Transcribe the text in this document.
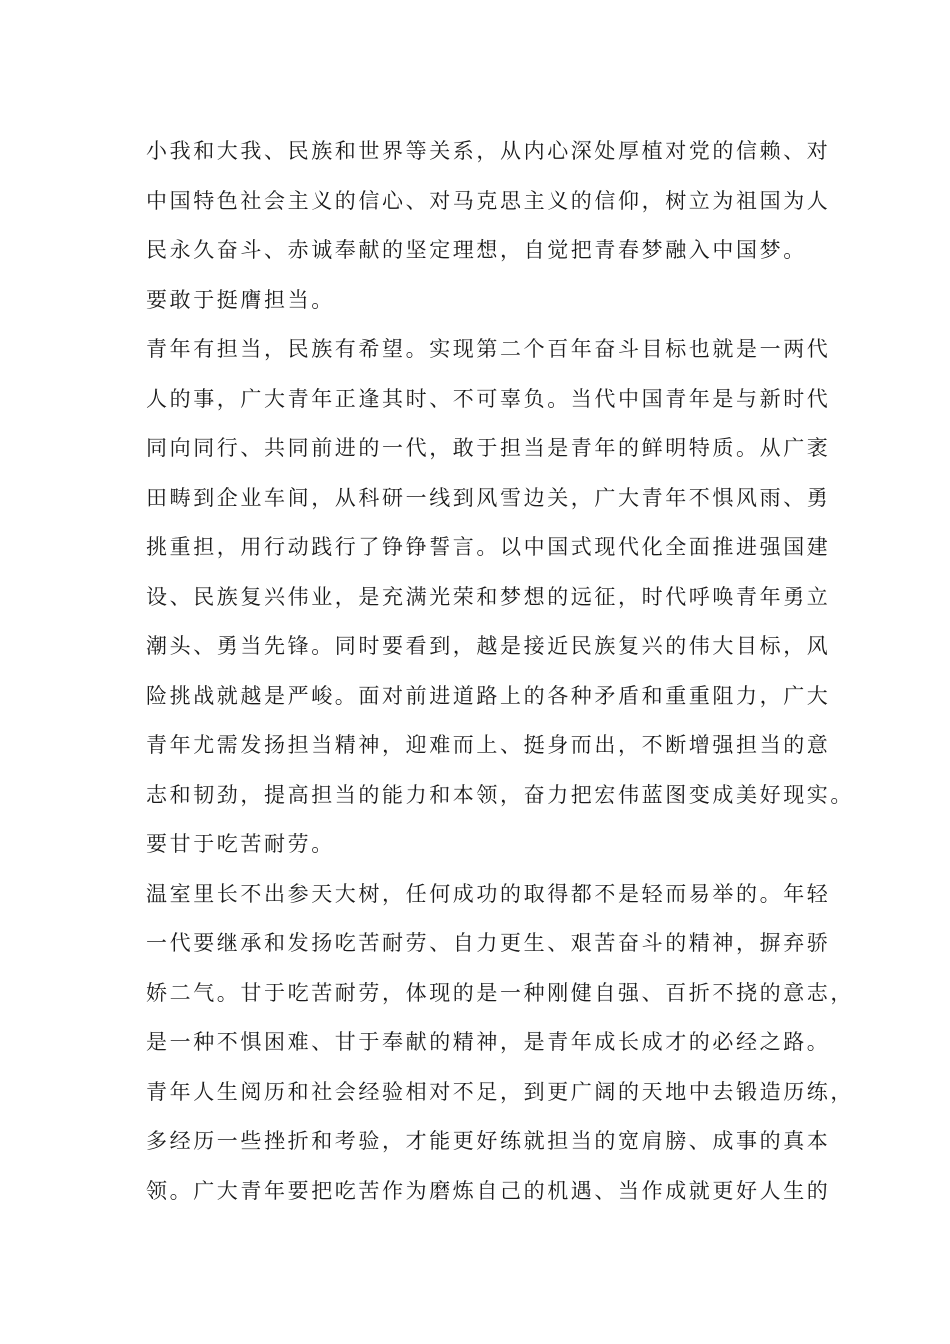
小我和大我、民族和世界等关系，从内心深处厚植对党的信赖、对
中国特色社会主义的信心、对马克思主义的信仰，树立为祖国为人
民永久奋斗、赤诚奉献的坚定理想，自觉把青春梦融入中国梦。
要敢于挺膺担当。
青年有担当，民族有希望。实现第二个百年奋斗目标也就是一两代
人的事，广大青年正逢其时、不可辜负。当代中国青年是与新时代
同向同行、共同前进的一代，敢于担当是青年的鲜明特质。从广袤
田畴到企业车间，从科研一线到风雪边关，广大青年不惧风雨、勇
挑重担，用行动践行了铮铮誓言。以中国式现代化全面推进强国建
设、民族复兴伟业，是充满光荣和梦想的远征，时代呼唤青年勇立
潮头、勇当先锋。同时要看到，越是接近民族复兴的伟大目标，风
险挑战就越是严峻。面对前进道路上的各种矛盾和重重阻力，广大
青年尤需发扬担当精神，迎难而上、挺身而出，不断增强担当的意
志和韧劲，提高担当的能力和本领，奋力把宏伟蓝图变成美好现实。
要甘于吃苦耐劳。
温室里长不出参天大树，任何成功的取得都不是轻而易举的。年轻
一代要继承和发扬吃苦耐劳、自力更生、艰苦奋斗的精神，摒弃骄
娇二气。甘于吃苦耐劳，体现的是一种刚健自强、百折不挠的意志，
是一种不惧困难、甘于奉献的精神，是青年成长成才的必经之路。
青年人生阅历和社会经验相对不足，到更广阔的天地中去锻造历练，
多经历一些挫折和考验，才能更好练就担当的宽肩膀、成事的真本
领。广大青年要把吃苦作为磨炼自己的机遇、当作成就更好人生的
